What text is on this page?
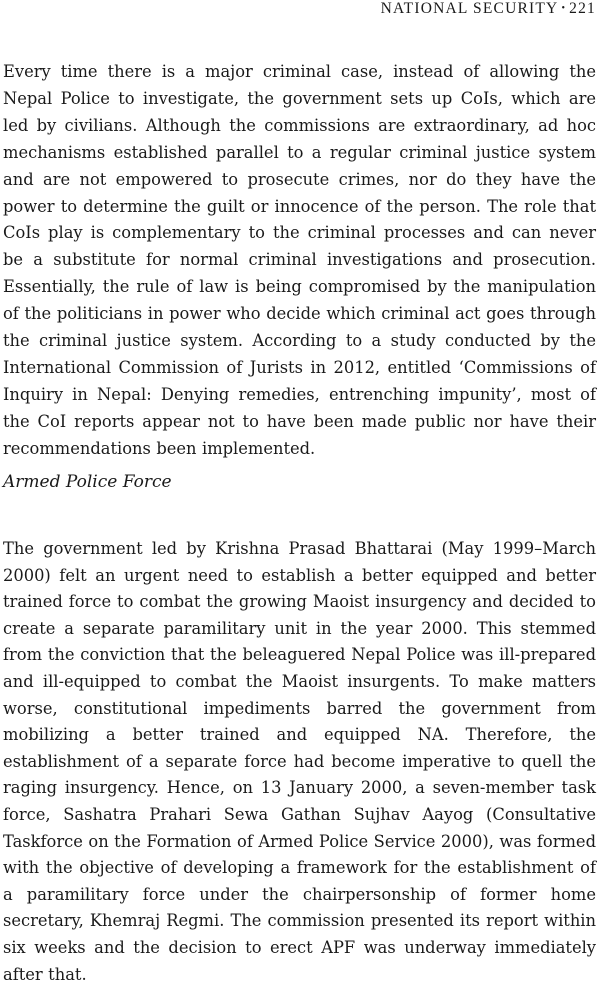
NATIONAL SECURITY • 221

Every time there is a major criminal case, instead of allowing the Nepal Police to investigate, the government sets up CoIs, which are led by civilians. Although the commissions are extraordinary, ad hoc mechanisms established parallel to a regular criminal justice system and are not empowered to prosecute crimes, nor do they have the power to determine the guilt or innocence of the person. The role that CoIs play is complementary to the criminal processes and can never be a substitute for normal criminal investigations and prosecution. Essentially, the rule of law is being compromised by the manipulation of the politicians in power who decide which criminal act goes through the criminal justice system. According to a study conducted by the International Commission of Jurists in 2012, entitled ‘Commissions of Inquiry in Nepal: Denying remedies, entrenching impunity’, most of the CoI reports appear not to have been made public nor have their recommendations been implemented.

Armed Police Force

The government led by Krishna Prasad Bhattarai (May 1999–March 2000) felt an urgent need to establish a better equipped and better trained force to combat the growing Maoist insurgency and decided to create a separate paramilitary unit in the year 2000. This stemmed from the conviction that the beleaguered Nepal Police was ill-prepared and ill-equipped to combat the Maoist insurgents. To make matters worse, constitutional impediments barred the government from mobilizing a better trained and equipped NA. Therefore, the establishment of a separate force had become imperative to quell the raging insurgency. Hence, on 13 January 2000, a seven-member task force, Sashatra Prahari Sewa Gathan Sujhav Aayog (Consultative Taskforce on the Formation of Armed Police Service 2000), was formed with the objective of developing a framework for the establishment of a paramilitary force under the chairpersonship of former home secretary, Khemraj Regmi. The commission presented its report within six weeks and the decision to erect APF was underway immediately after that.
